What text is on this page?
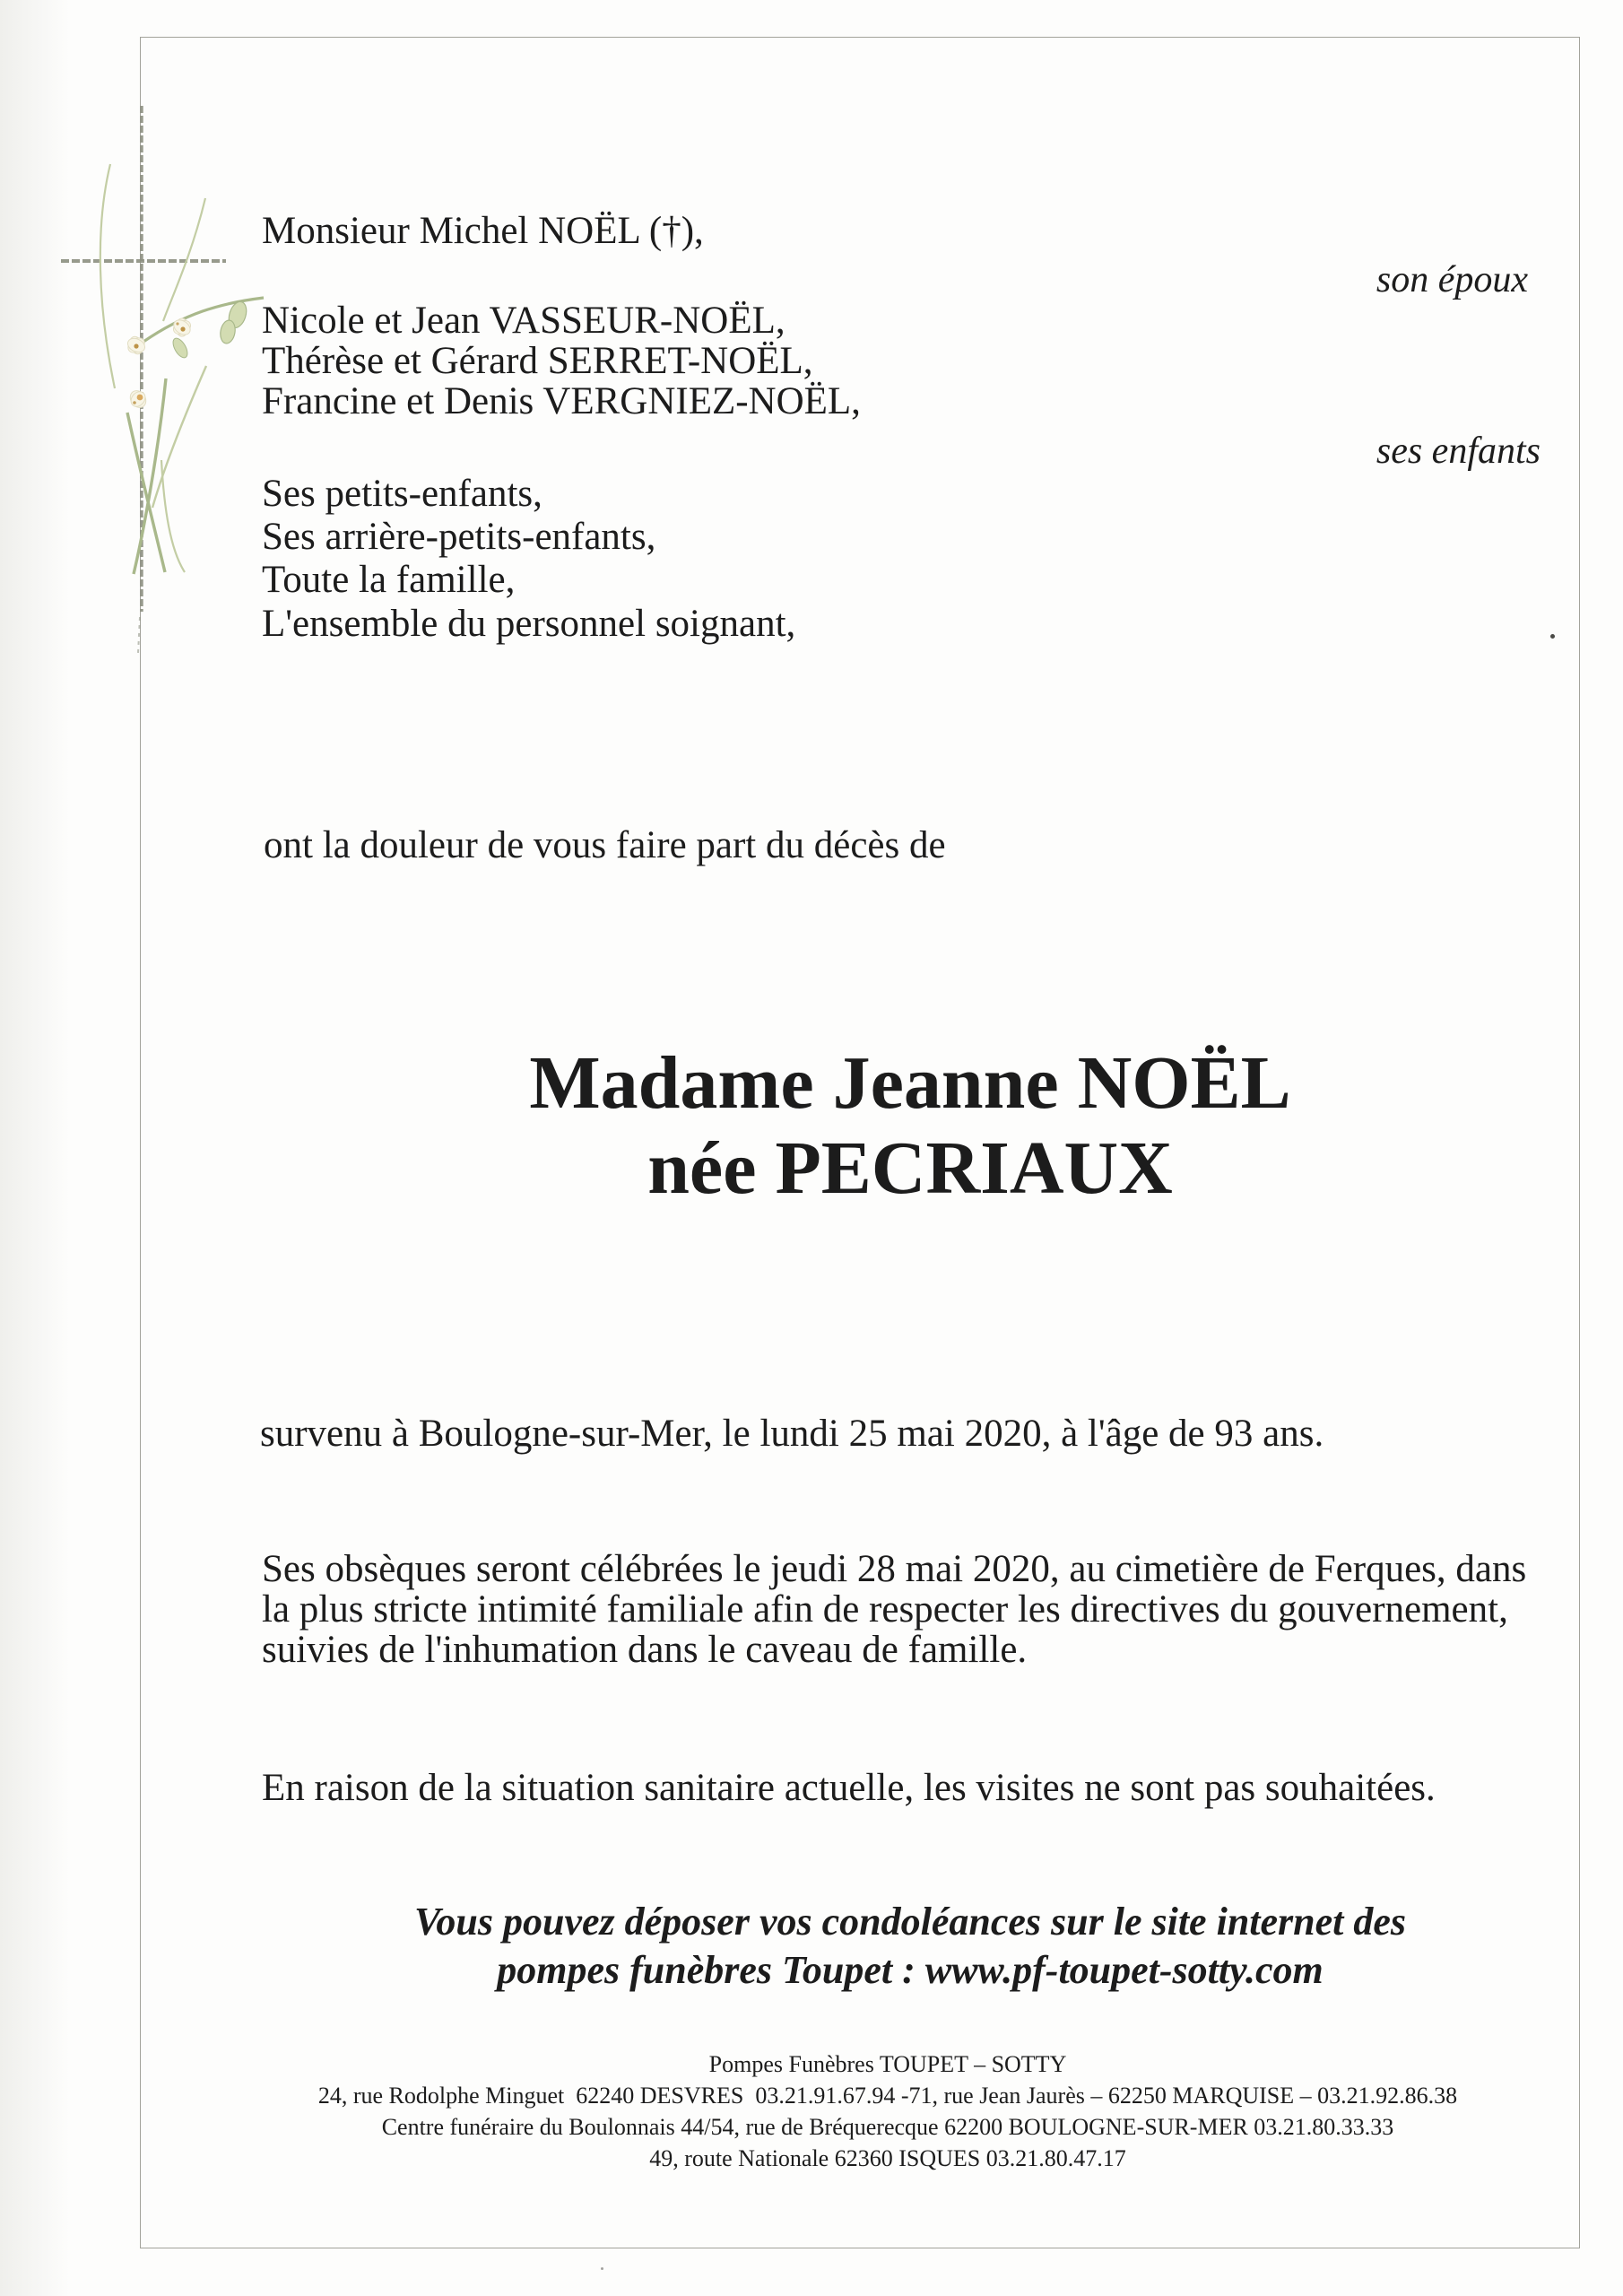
Monsieur Michel NOËL (†),
son époux
Nicole et Jean VASSEUR-NOËL,
Thérèse et Gérard SERRET-NOËL,
Francine et Denis VERGNIEZ-NOËL,
ses enfants
Ses petits-enfants,
Ses arrière-petits-enfants,
Toute la famille,
L'ensemble du personnel soignant,
ont la douleur de vous faire part du décès de
Madame Jeanne NOËL
née PECRIAUX
survenu à Boulogne-sur-Mer, le lundi 25 mai 2020, à l'âge de 93 ans.
Ses obsèques seront célébrées le jeudi 28 mai 2020, au cimetière de Ferques, dans
la plus stricte intimité familiale afin de respecter les directives du gouvernement,
suivies de l'inhumation dans le caveau de famille.
En raison de la situation sanitaire actuelle, les visites ne sont pas souhaitées.
Vous pouvez déposer vos condoléances sur le site internet des
pompes funèbres Toupet : www.pf-toupet-sotty.com
Pompes Funèbres TOUPET – SOTTY
24, rue Rodolphe Minguet  62240 DESVRES  03.21.91.67.94 -71, rue Jean Jaurès – 62250 MARQUISE – 03.21.92.86.38
Centre funéraire du Boulonnais 44/54, rue de Bréquerecque 62200 BOULOGNE-SUR-MER 03.21.80.33.33
49, route Nationale 62360 ISQUES 03.21.80.47.17
